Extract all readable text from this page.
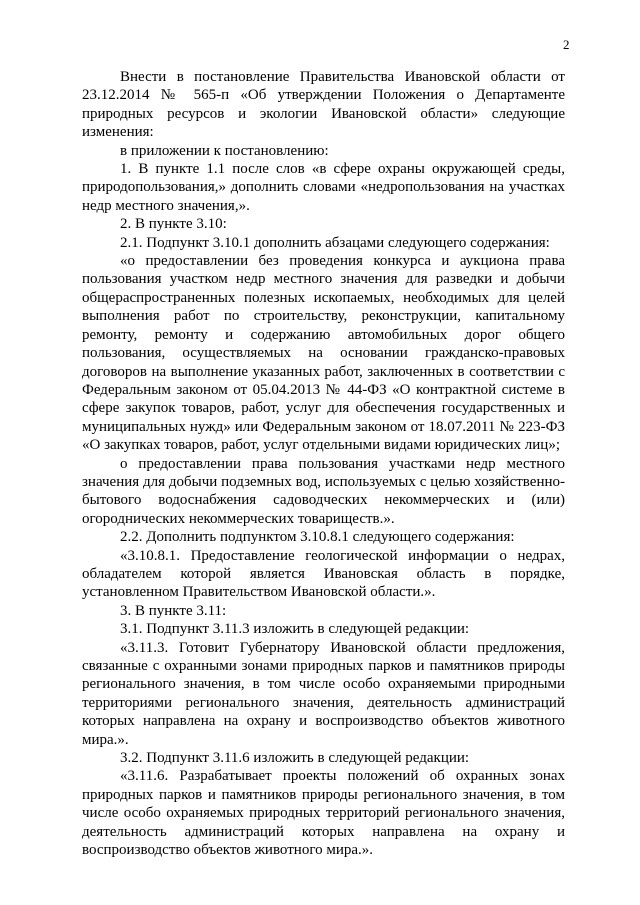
2

Внести в постановление Правительства Ивановской области от 23.12.2014 № 565-п «Об утверждении Положения о Департаменте природных ресурсов и экологии Ивановской области» следующие изменения:

в приложении к постановлению:

1. В пункте 1.1 после слов «в сфере охраны окружающей среды, природопользования,» дополнить словами «недропользования на участках недр местного значения,».

2. В пункте 3.10:

2.1. Подпункт 3.10.1 дополнить абзацами следующего содержания:

«о предоставлении без проведения конкурса и аукциона права пользования участком недр местного значения для разведки и добычи общераспространенных полезных ископаемых, необходимых для целей выполнения работ по строительству, реконструкции, капитальному ремонту, ремонту и содержанию автомобильных дорог общего пользования, осуществляемых на основании гражданско-правовых договоров на выполнение указанных работ, заключенных в соответствии с Федеральным законом от 05.04.2013 № 44-ФЗ «О контрактной системе в сфере закупок товаров, работ, услуг для обеспечения государственных и муниципальных нужд» или Федеральным законом от 18.07.2011 № 223-ФЗ «О закупках товаров, работ, услуг отдельными видами юридических лиц»;

о предоставлении права пользования участками недр местного значения для добычи подземных вод, используемых с целью хозяйственно-бытового водоснабжения садоводческих некоммерческих и (или) огороднических некоммерческих товариществ.».

2.2. Дополнить подпунктом 3.10.8.1 следующего содержания:

«3.10.8.1. Предоставление геологической информации о недрах, обладателем которой является Ивановская область в порядке, установленном Правительством Ивановской области.».

3. В пункте 3.11:

3.1. Подпункт 3.11.3 изложить в следующей редакции:

«3.11.3. Готовит Губернатору Ивановской области предложения, связанные с охранными зонами природных парков и памятников природы регионального значения, в том числе особо охраняемыми природными территориями регионального значения, деятельность администраций которых направлена на охрану и воспроизводство объектов животного мира.».

3.2. Подпункт 3.11.6 изложить в следующей редакции:

«3.11.6. Разрабатывает проекты положений об охранных зонах природных парков и памятников природы регионального значения, в том числе особо охраняемых природных территорий регионального значения, деятельность администраций которых направлена на охрану и воспроизводство объектов животного мира.».
